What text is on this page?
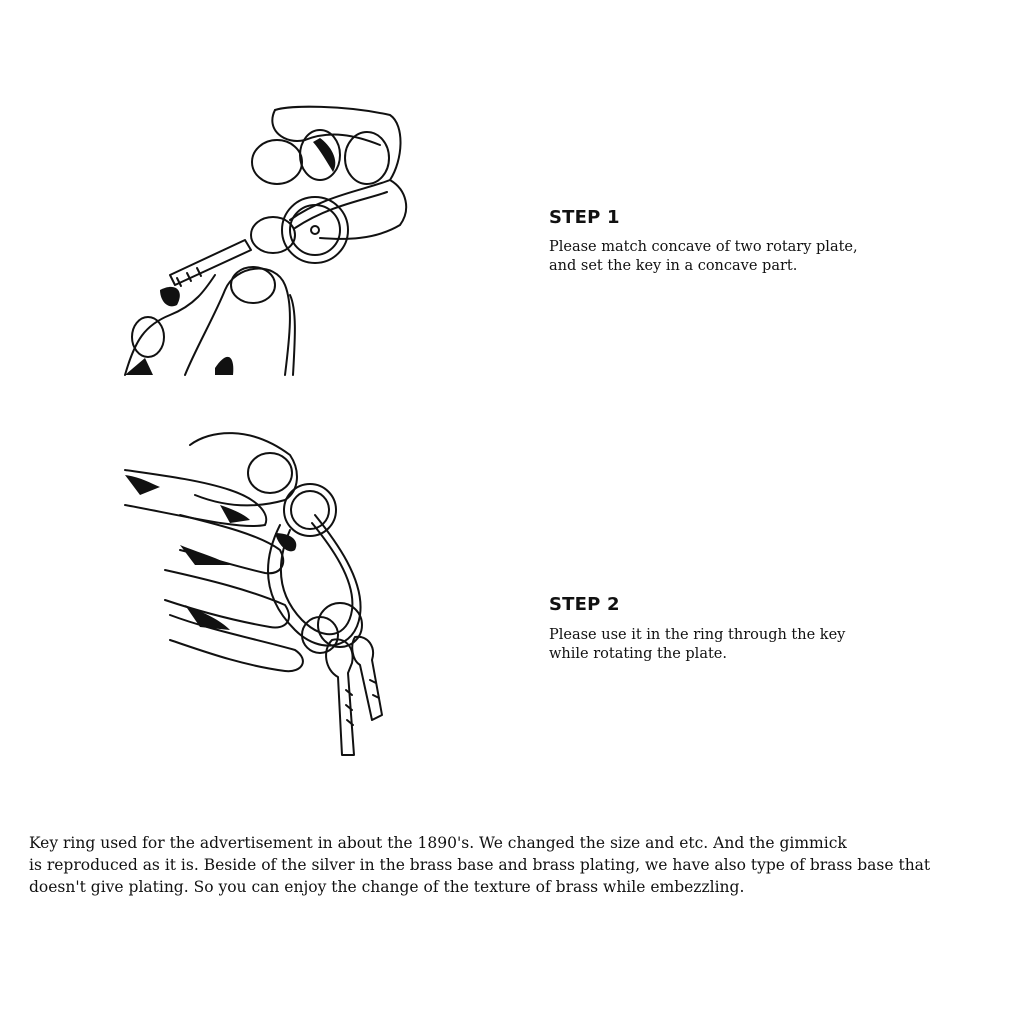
STEP 1

Please match concave of two rotary plate,
and set the key in a concave part.

STEP 2

Please use it in the ring through the key
while rotating the plate.

Key ring used for the advertisement in about the 1890's. We changed the size and etc. And the gimmick
is reproduced as it is. Beside of the silver in the brass base and brass plating, we have also type of brass base that
doesn't give plating. So you can enjoy the change of the texture of brass while embezzling.
